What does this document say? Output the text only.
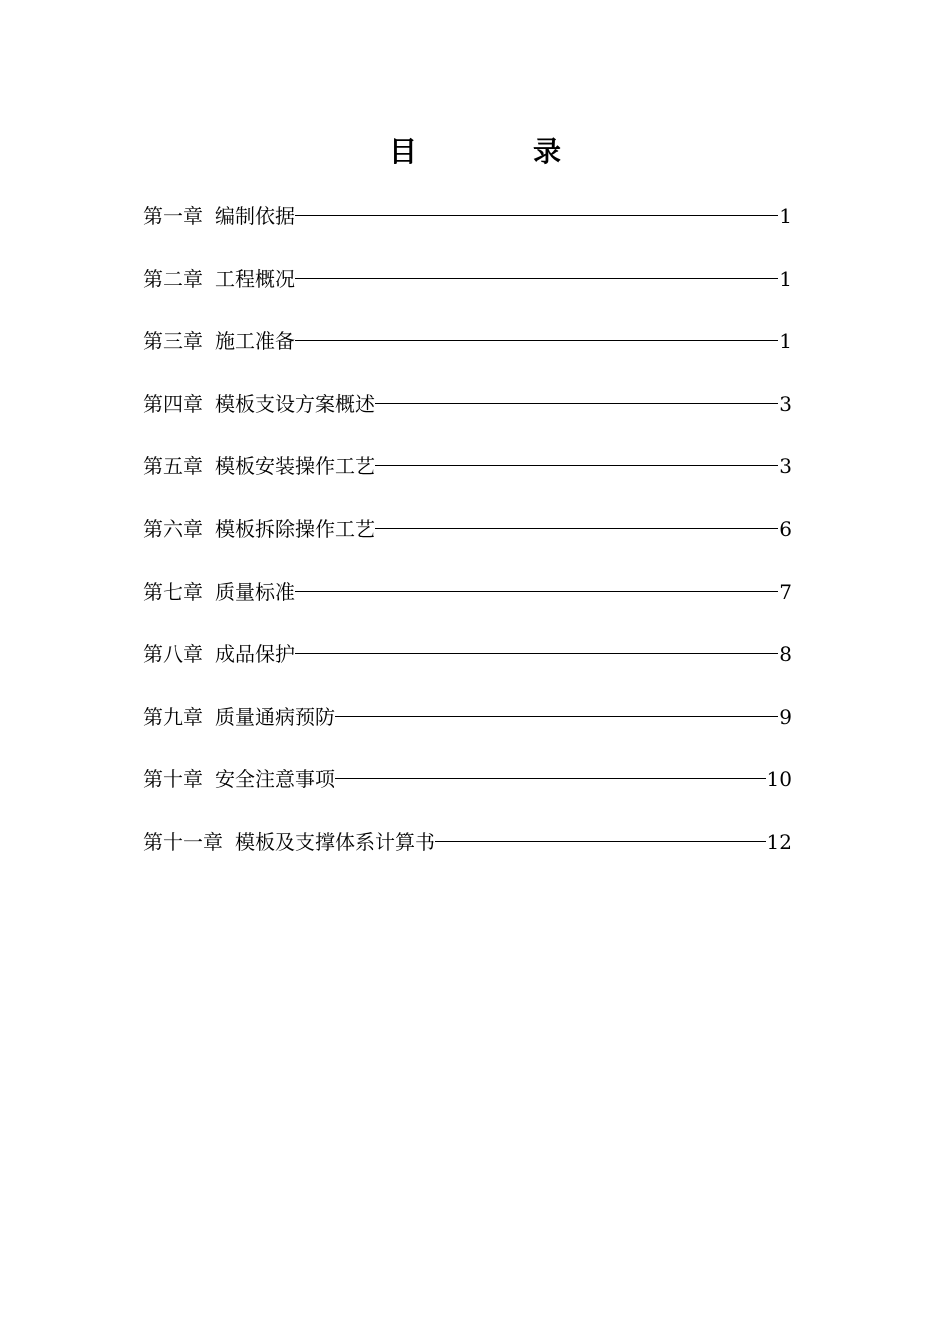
目	录
第一章 编制依据	1
第二章 工程概况	1
第三章 施工准备	1
第四章 模板支设方案概述	3
第五章 模板安装操作工艺	3
第六章 模板拆除操作工艺	6
第七章 质量标准	7
第八章 成品保护	8
第九章 质量通病预防	9
第十章 安全注意事项	10
第十一章 模板及支撑体系计算书	12
